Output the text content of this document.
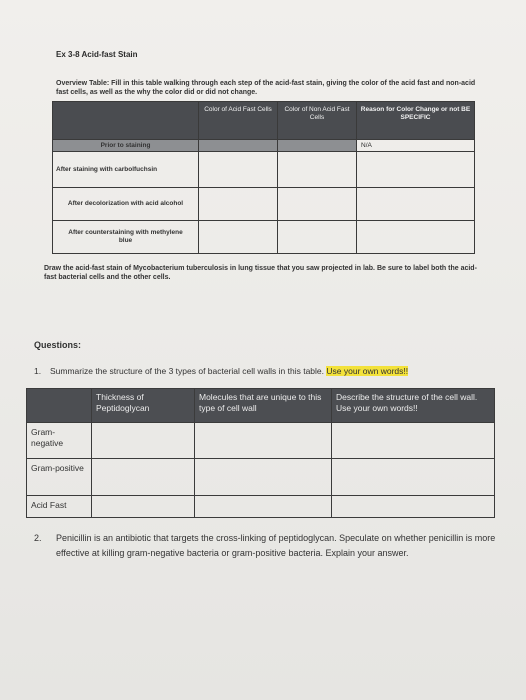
Ex 3-8 Acid-fast Stain
Overview Table: Fill in this table walking through each step of the acid-fast stain, giving the color of the acid fast and non-acid fast cells, as well as the why the color did or did not change.
	Color of Acid Fast Cells	Color of Non Acid Fast Cells	Reason for Color Change or not BE SPECIFIC
Prior to staining			N/A
After staining with carbolfuchsin			
After decolorization with acid alcohol			
After counterstaining with methylene blue			
Draw the acid-fast stain of Mycobacterium tuberculosis in lung tissue that you saw projected in lab. Be sure to label both the acid-fast bacterial cells and the other cells.
Questions:
1. Summarize the structure of the 3 types of bacterial cell walls in this table. Use your own words!!
	Thickness of Peptidoglycan	Molecules that are unique to this type of cell wall	Describe the structure of the cell wall. Use your own words!!
Gram-negative			
Gram-positive			
Acid Fast			
2. Penicillin is an antibiotic that targets the cross-linking of peptidoglycan. Speculate on whether penicillin is more effective at killing gram-negative bacteria or gram-positive bacteria. Explain your answer.
